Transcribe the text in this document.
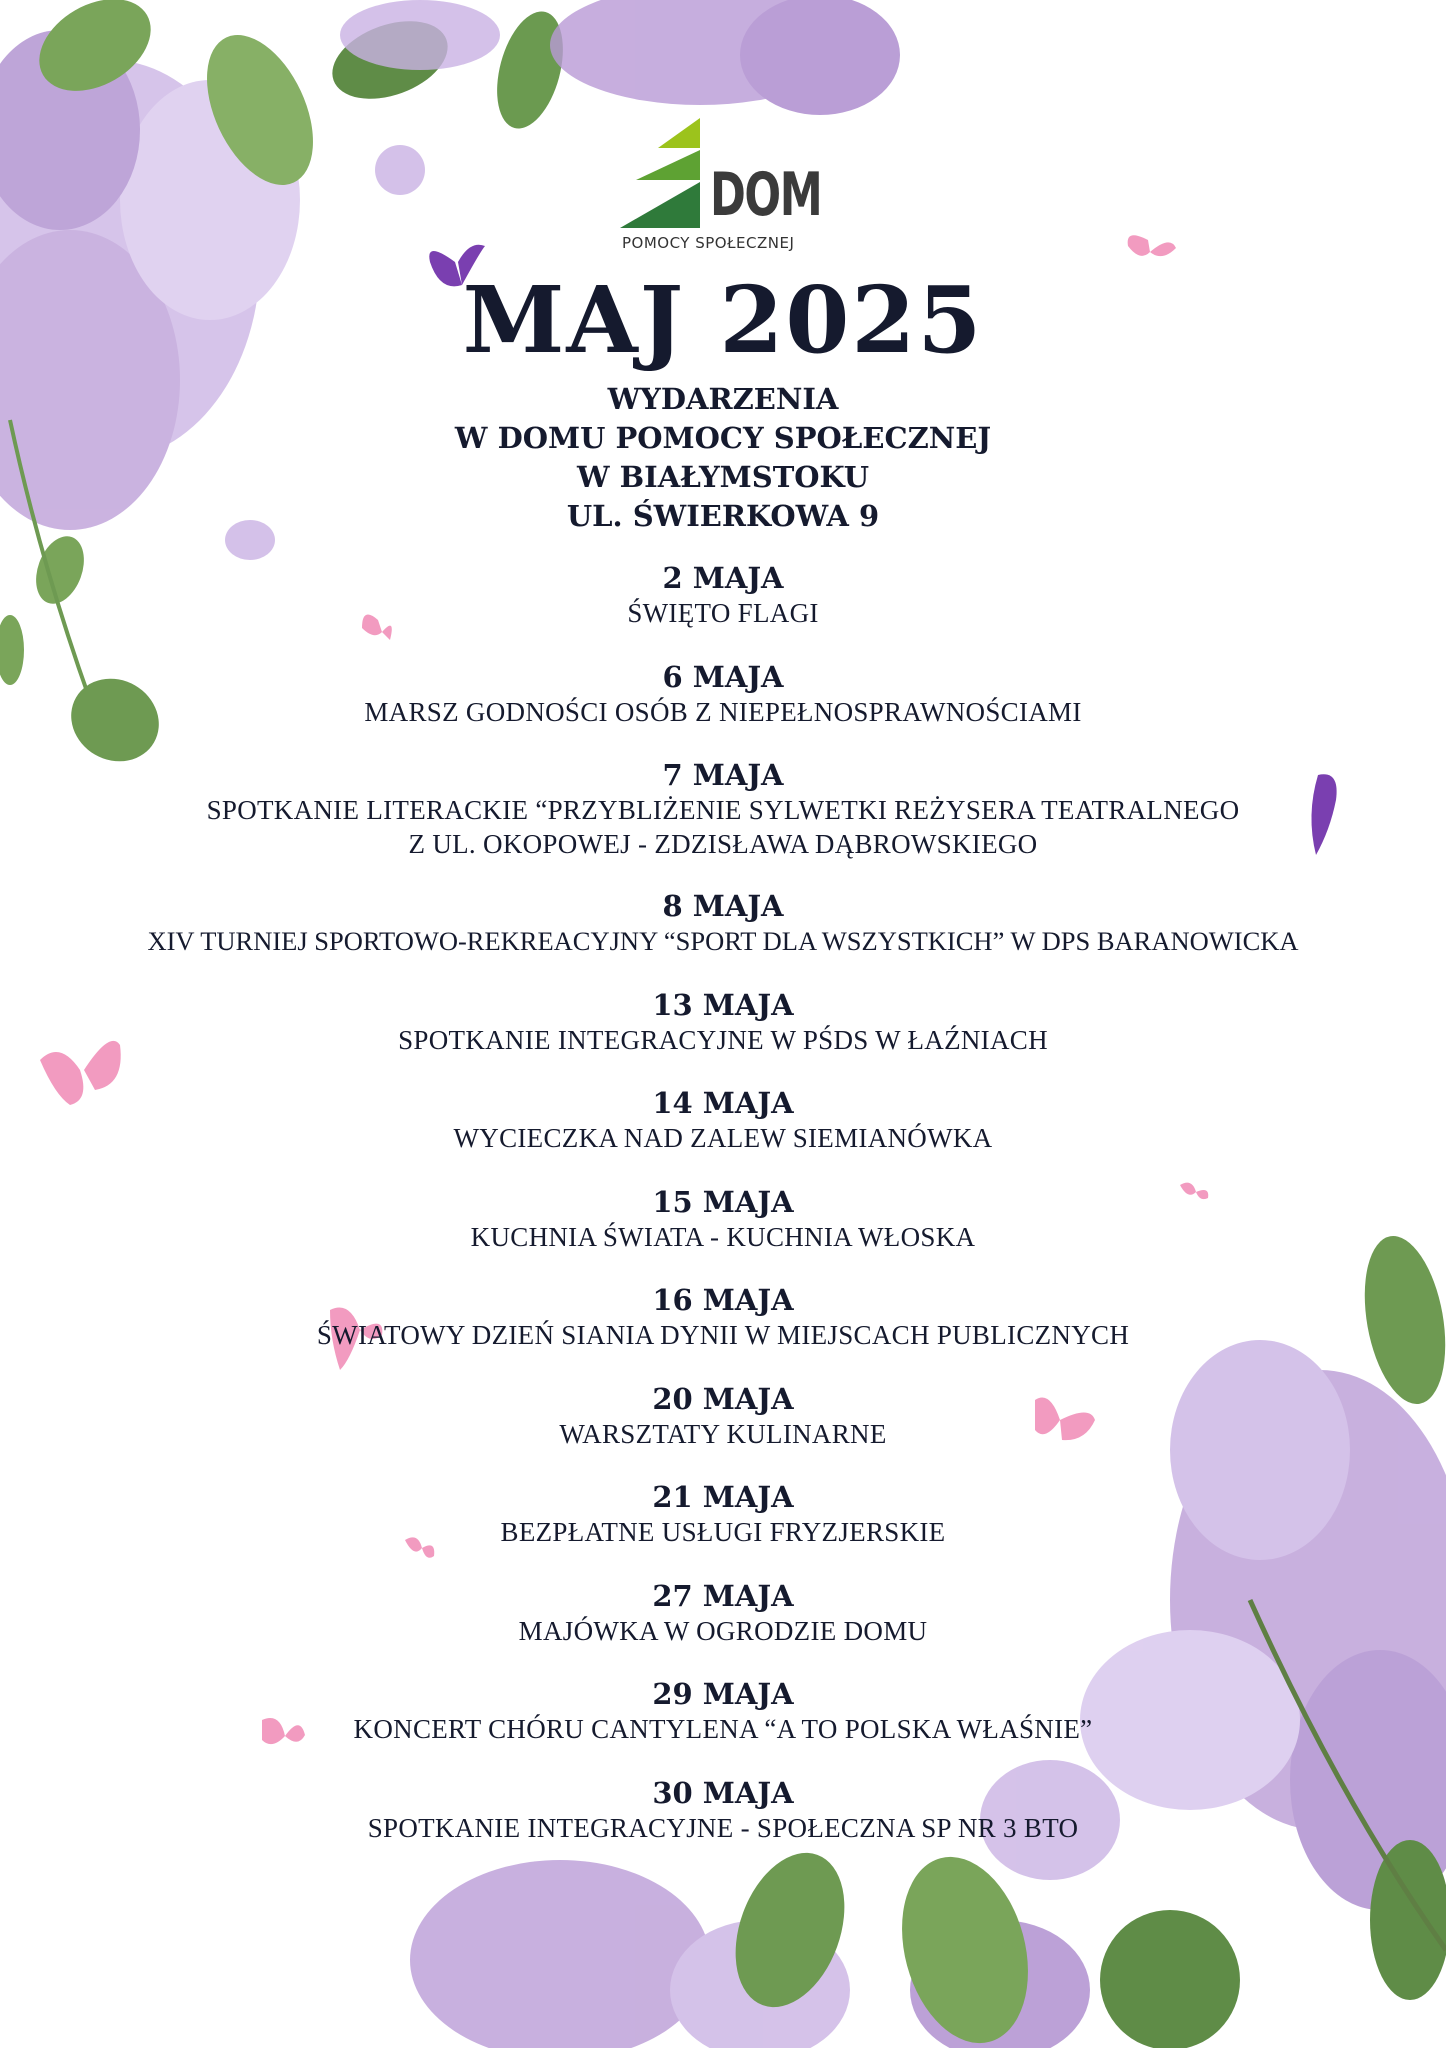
DOM
POMOCY SPOŁECZNEJ
MAJ 2025
WYDARZENIA
W DOMU POMOCY SPOŁECZNEJ
W BIAŁYMSTOKU
UL. ŚWIERKOWA 9
2 MAJA
ŚWIĘTO FLAGI
6 MAJA
MARSZ GODNOŚCI OSÓB Z NIEPEŁNOSPRAWNOŚCIAMI
7 MAJA
SPOTKANIE LITERACKIE “PRZYBLIŻENIE SYLWETKI REŻYSERA TEATRALNEGO
Z UL. OKOPOWEJ - ZDZISŁAWA DĄBROWSKIEGO
8 MAJA
XIV TURNIEJ SPORTOWO-REKREACYJNY “SPORT DLA WSZYSTKICH” W DPS BARANOWICKA
13 MAJA
SPOTKANIE INTEGRACYJNE W PŚDS W ŁAŹNIACH
14 MAJA
WYCIECZKA NAD ZALEW SIEMIANÓWKA
15 MAJA
KUCHNIA ŚWIATA - KUCHNIA WŁOSKA
16 MAJA
ŚWIATOWY DZIEŃ SIANIA DYNII W MIEJSCACH PUBLICZNYCH
20 MAJA
WARSZTATY KULINARNE
21 MAJA
BEZPŁATNE USŁUGI FRYZJERSKIE
27 MAJA
MAJÓWKA W OGRODZIE DOMU
29 MAJA
KONCERT CHÓRU CANTYLENA “A TO POLSKA WŁAŚNIE”
30 MAJA
SPOTKANIE INTEGRACYJNE - SPOŁECZNA SP NR 3 BTO
